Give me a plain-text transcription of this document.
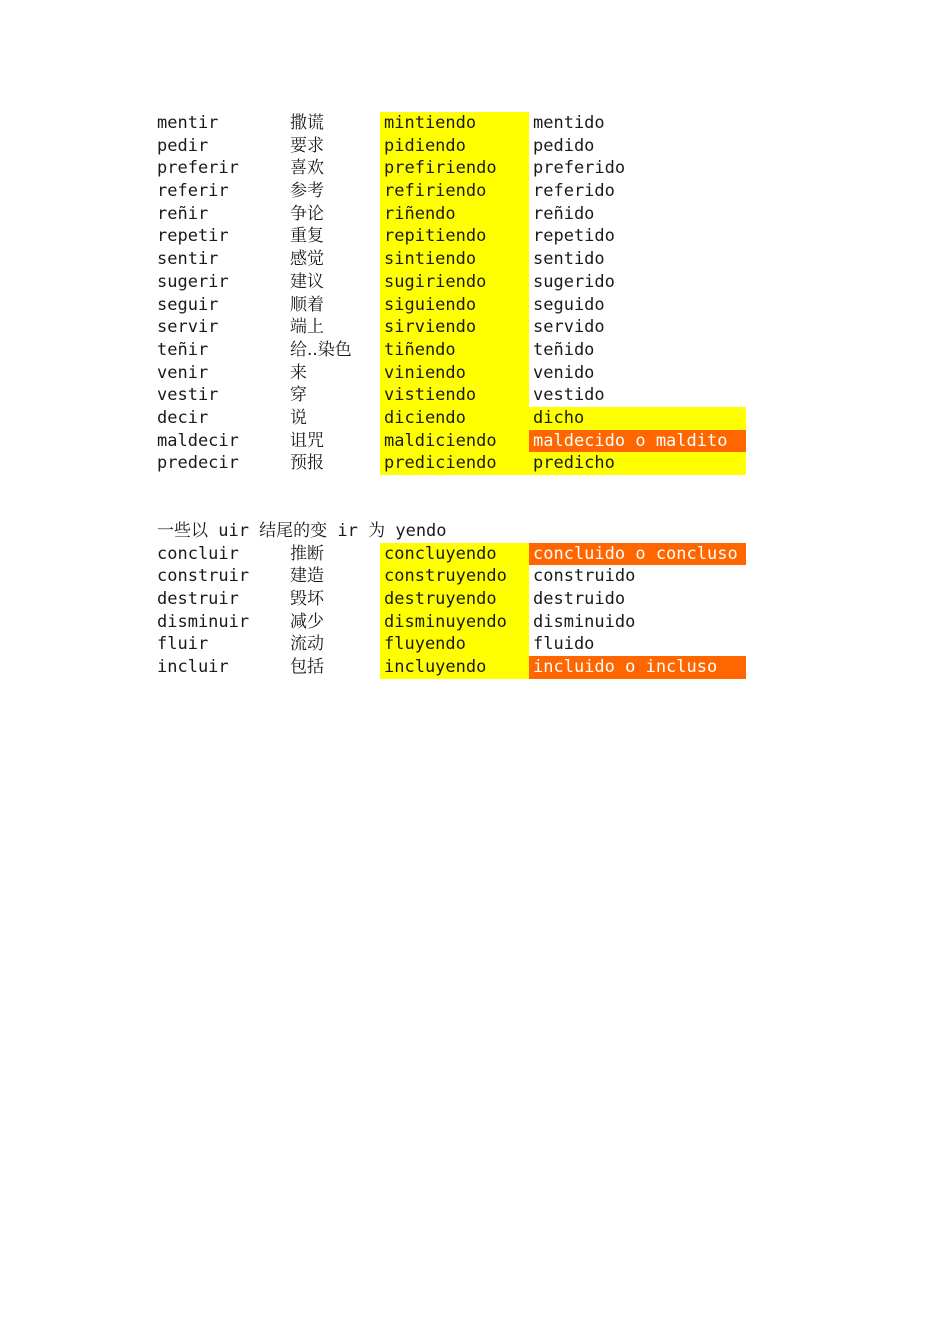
mentir	撒谎	mintiendo	mentido
pedir	要求	pidiendo	pedido
preferir	喜欢	prefiriendo	preferido
referir	参考	refiriendo	referido
reñir	争论	riñendo	reñido
repetir	重复	repitiendo	repetido
sentir	感觉	sintiendo	sentido
sugerir	建议	sugiriendo	sugerido
seguir	顺着	siguiendo	seguido
servir	端上	sirviendo	servido
teñir	给..染色	tiñendo	teñido
venir	来	viniendo	venido
vestir	穿	vistiendo	vestido
decir	说	diciendo	dicho
maldecir	诅咒	maldiciendo	maldecido o maldito
predecir	预报	prediciendo	predicho
一些以 uir 结尾的变 ir 为 yendo
concluir	推断	concluyendo	concluido o concluso
construir	建造	construyendo	construido
destruir	毁坏	destruyendo	destruido
disminuir	减少	disminuyendo	disminuido
fluir	流动	fluyendo	fluido
incluir	包括	incluyendo	incluido o incluso
